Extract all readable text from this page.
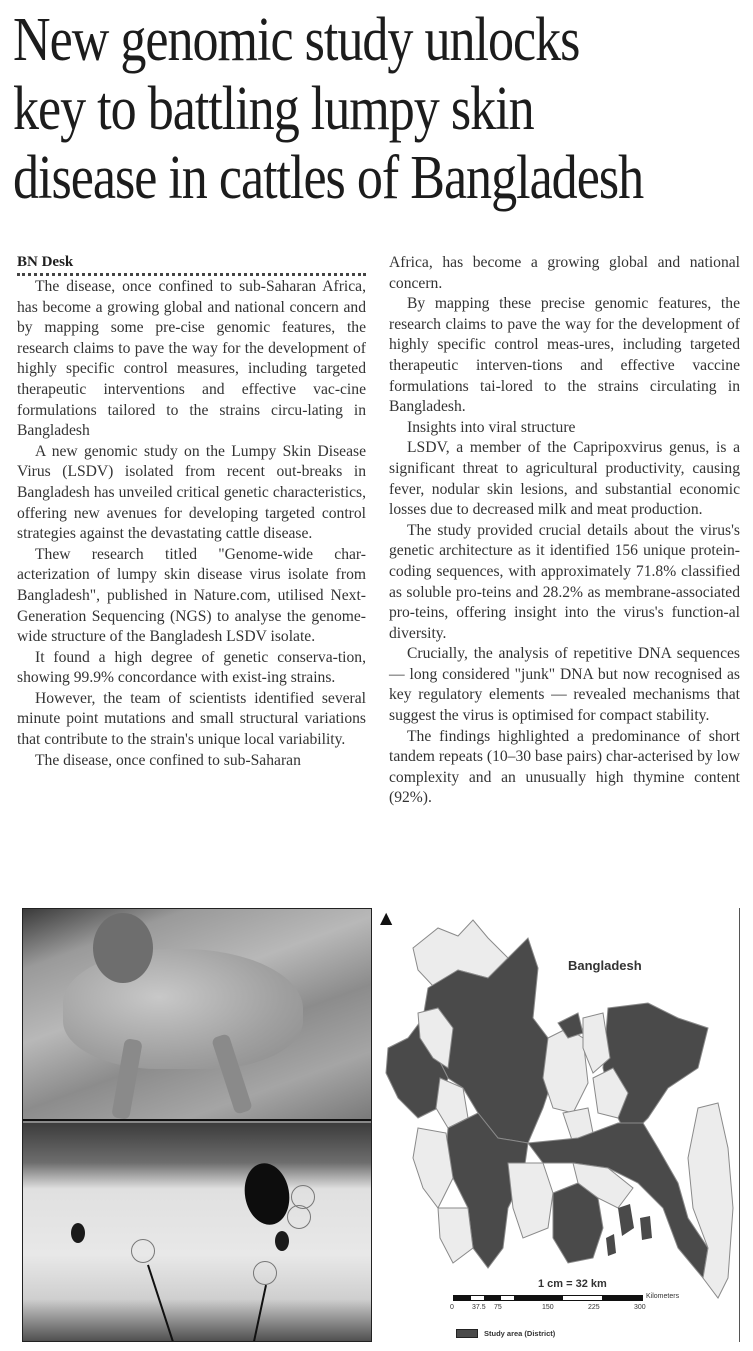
New genomic study unlocks
key to battling lumpy skin
disease in cattles of Bangladesh
BN Desk

The disease, once confined to sub-Saharan Africa, has become a growing global and national concern and by mapping some pre-cise genomic features, the research claims to pave the way for the development of highly specific control measures, including targeted therapeutic interventions and effective vac-cine formulations tailored to the strains circu-lating in Bangladesh

A new genomic study on the Lumpy Skin Disease Virus (LSDV) isolated from recent out-breaks in Bangladesh has unveiled critical genetic characteristics, offering new avenues for developing targeted control strategies against the devastating cattle disease.

Thew research titled "Genome-wide char-acterization of lumpy skin disease virus isolate from Bangladesh", published in Nature.com, utilised Next-Generation Sequencing (NGS) to analyse the genome-wide structure of the Bangladesh LSDV isolate.

It found a high degree of genetic conserva-tion, showing 99.9% concordance with exist-ing strains.

However, the team of scientists identified several minute point mutations and small structural variations that contribute to the strain's unique local variability.

The disease, once confined to sub-Saharan

Africa, has become a growing global and national concern.

By mapping these precise genomic features, the research claims to pave the way for the development of highly specific control meas-ures, including targeted therapeutic interven-tions and effective vaccine formulations tai-lored to the strains circulating in Bangladesh.

Insights into viral structure

LSDV, a member of the Capripoxvirus genus, is a significant threat to agricultural productivity, causing fever, nodular skin lesions, and substantial economic losses due to decreased milk and meat production.

The study provided crucial details about the virus's genetic architecture as it identified 156 unique protein-coding sequences, with approximately 71.8% classified as soluble pro-teins and 28.2% as membrane-associated pro-teins, offering insight into the virus's function-al diversity.

Crucially, the analysis of repetitive DNA sequences — long considered "junk" DNA but now recognised as key regulatory elements — revealed mechanisms that suggest the virus is optimised for compact stability.

The findings highlighted a predominance of short tandem repeats (10–30 base pairs) char-acterised by low complexity and an unusually high thymine content (92%).

▲
Bangladesh
1 cm = 32 km
Kilometers
0	37.5 75	150	225	300
Study area (District)
